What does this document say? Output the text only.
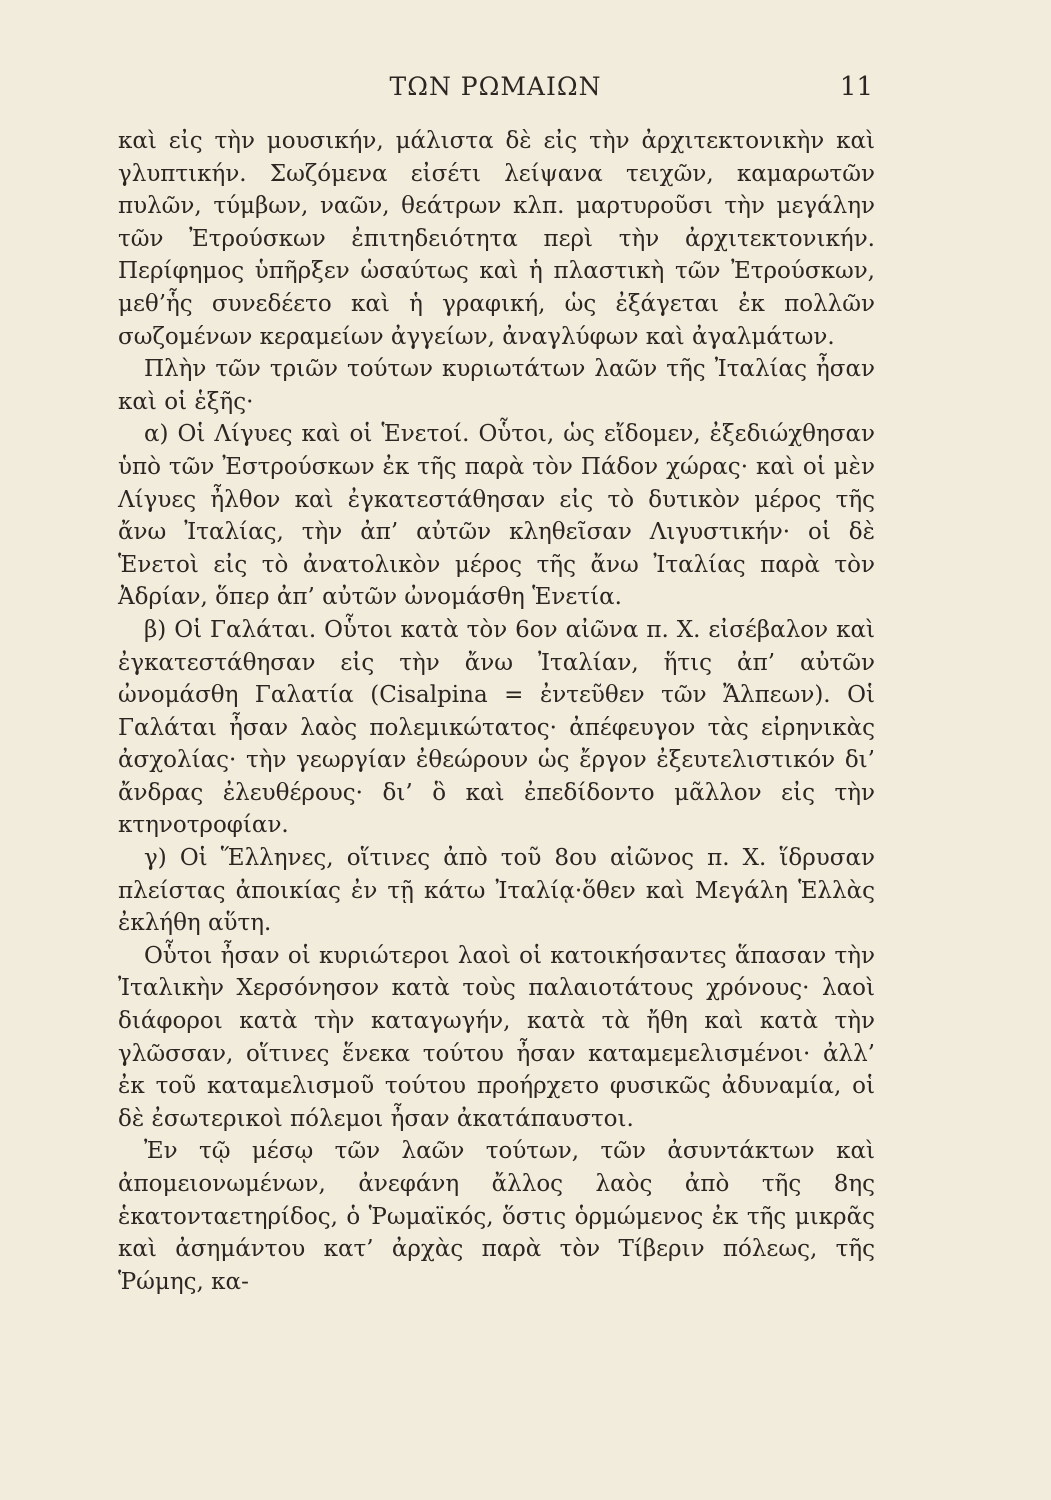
ΤΩΝ ΡΩΜΑΙΩΝ	11

καὶ εἰς τὴν μουσικήν, μάλιστα δὲ εἰς τὴν ἀρχιτεκτονικὴν καὶ γλυπτικήν. Σωζόμενα εἰσέτι λείψανα τειχῶν, καμαρωτῶν πυλῶν, τύμβων, ναῶν, θεάτρων κλπ. μαρτυροῦσι τὴν μεγάλην τῶν Ἐτρούσκων ἐπιτηδειότητα περὶ τὴν ἀρχιτεκτονικήν. Περίφημος ὑπῆρξεν ὡσαύτως καὶ ἡ πλαστικὴ τῶν Ἐτρούσκων, μεθ’ἧς συνεδέετο καὶ ἡ γραφική, ὡς ἐξάγεται ἐκ πολλῶν σωζομένων κεραμείων ἀγγείων, ἀναγλύφων καὶ ἀγαλμάτων.

Πλὴν τῶν τριῶν τούτων κυριωτάτων λαῶν τῆς Ἰταλίας ἦσαν καὶ οἱ ἑξῆς·

α) Οἱ Λίγυες καὶ οἱ Ἑνετοί. Οὗτοι, ὡς εἴδομεν, ἐξεδιώχθησαν ὑπὸ τῶν Ἐστρούσκων ἐκ τῆς παρὰ τὸν Πάδον χώρας· καὶ οἱ μὲν Λίγυες ἦλθον καὶ ἐγκατεστάθησαν εἰς τὸ δυτικὸν μέρος τῆς ἄνω Ἰταλίας, τὴν ἀπ’ αὐτῶν κληθεῖσαν Λιγυστικήν· οἱ δὲ Ἑνετοὶ εἰς τὸ ἀνατολικὸν μέρος τῆς ἄνω Ἰταλίας παρὰ τὸν Ἀδρίαν, ὅπερ ἀπ’ αὐτῶν ὠνομάσθη Ἑνετία.

β) Οἱ Γαλάται. Οὗτοι κατὰ τὸν 6ον αἰῶνα π. Χ. εἰσέβαλον καὶ ἐγκατεστάθησαν εἰς τὴν ἄνω Ἰταλίαν, ἥτις ἀπ’ αὐτῶν ὠνομάσθη Γαλατία (Cisalpina = ἐντεῦθεν τῶν Ἄλπεων). Οἱ Γαλάται ἦσαν λαὸς πολεμικώτατος· ἀπέφευγον τὰς εἰρηνικὰς ἀσχολίας· τὴν γεωργίαν ἐθεώρουν ὡς ἔργον ἐξευτελιστικόν δι’ ἄνδρας ἐλευθέρους· δι’ ὃ καὶ ἐπεδίδοντο μᾶλλον εἰς τὴν κτηνοτροφίαν.

γ) Οἱ Ἕλληνες, οἵτινες ἀπὸ τοῦ 8ου αἰῶνος π. Χ. ἵδρυσαν πλείστας ἀποικίας ἐν τῇ κάτω Ἰταλίᾳ·ὅθεν καὶ Μεγάλη Ἑλλὰς ἐκλήθη αὕτη.

Οὗτοι ἦσαν οἱ κυριώτεροι λαοὶ οἱ κατοικήσαντες ἅπασαν τὴν Ἰταλικὴν Χερσόνησον κατὰ τοὺς παλαιοτάτους χρόνους· λαοὶ διάφοροι κατὰ τὴν καταγωγήν, κατὰ τὰ ἤθη καὶ κατὰ τὴν γλῶσσαν, οἵτινες ἕνεκα τούτου ἦσαν καταμεμελισμένοι· ἀλλ’ ἐκ τοῦ καταμελισμοῦ τούτου προήρχετο φυσικῶς ἀδυναμία, οἱ δὲ ἐσωτερικοὶ πόλεμοι ἦσαν ἀκατάπαυστοι.

Ἐν τῷ μέσῳ τῶν λαῶν τούτων, τῶν ἀσυντάκτων καὶ ἀπομειονωμένων, ἀνεφάνη ἄλλος λαὸς ἀπὸ τῆς 8ης ἑκατονταετηρίδος, ὁ Ῥωμαϊκός, ὅστις ὁρμώμενος ἐκ τῆς μικρᾶς καὶ ἀσημάντου κατ’ ἀρχὰς παρὰ τὸν Τίβεριν πόλεως, τῆς Ῥώμης, κα-
